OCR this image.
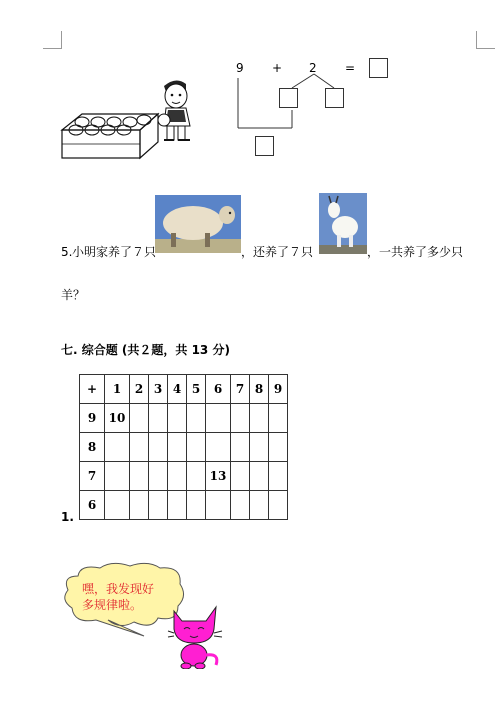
9 + 2 =
5. 小明家养了７只	，还养了７只	，一共养了多少只
羊？
七. 综合题 (共２题，共 13 分)
+	1	2	3	4	5	6	7	8	9
9	10								
8									
7						13			
6									
1.
嘿，我发现好
多规律啦。
